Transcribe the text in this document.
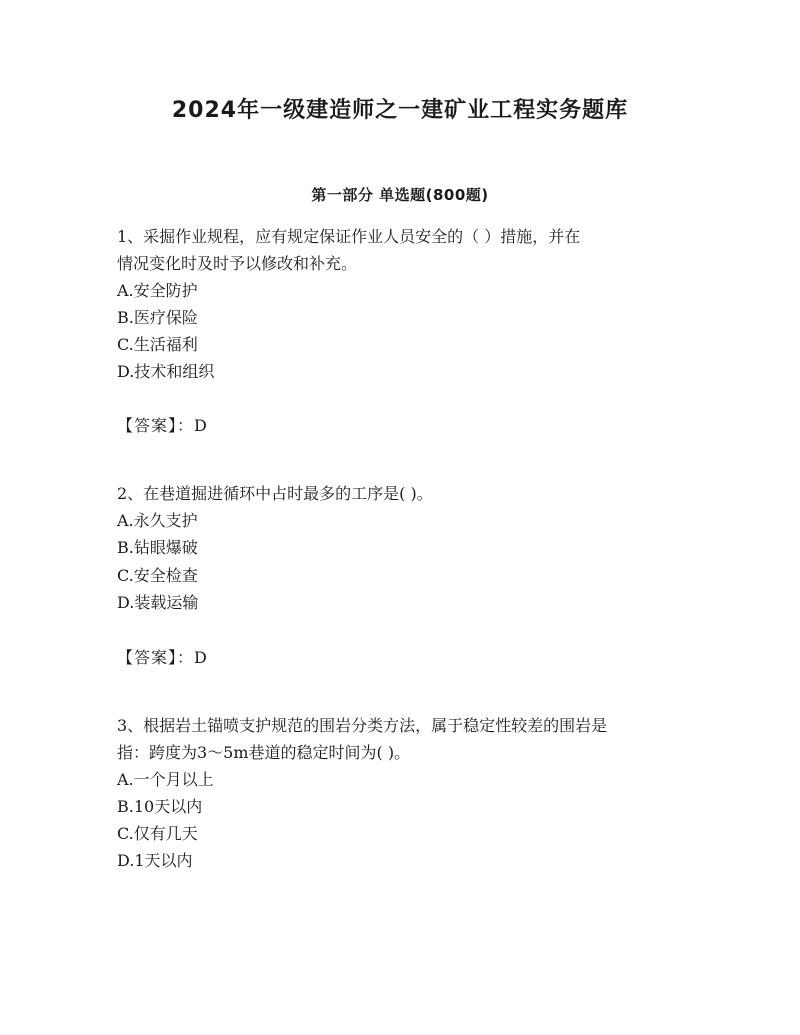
2024年一级建造师之一建矿业工程实务题库
第一部分 单选题(800题)
1、采掘作业规程，应有规定保证作业人员安全的（ ）措施，并在
情况变化时及时予以修改和补充。
A.安全防护
B.医疗保险
C.生活福利
D.技术和组织
【答案】：D
2、在巷道掘进循环中占时最多的工序是( )。
A.永久支护
B.钻眼爆破
C.安全检查
D.装载运输
【答案】：D
3、根据岩土锚喷支护规范的围岩分类方法，属于稳定性较差的围岩是
指：跨度为3～5m巷道的稳定时间为( )。
A.一个月以上
B.10天以内
C.仅有几天
D.1天以内
